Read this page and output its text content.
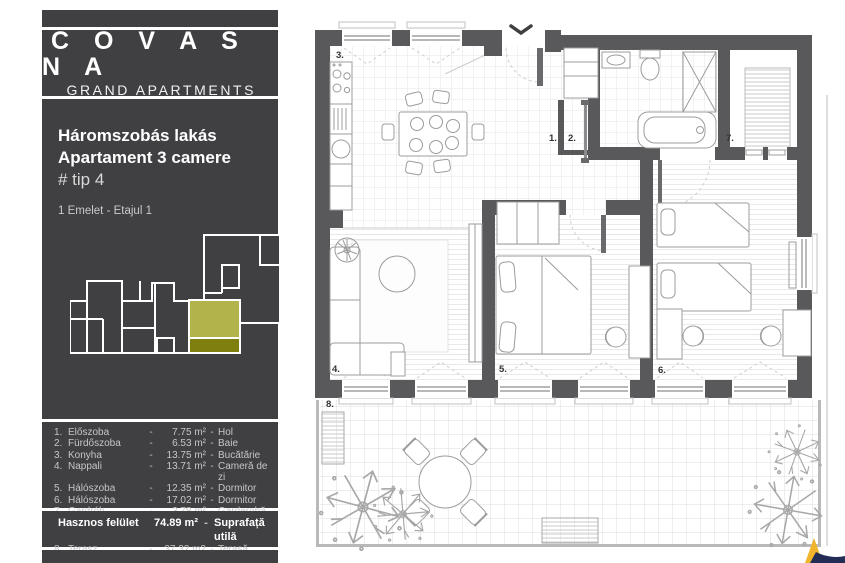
1. 2.
3.
4.	5.	6.
7.
8.
C O V A S N A
GRAND APARTMENTS
Háromszobás lakás
Apartament 3 camere
# tip 4
1 Emelet - Etajul 1
1. Előszoba	-	7.75 m² - Hol
2. Fürdőszoba	-	6.53 m² - Baie
3. Konyha	-	13.75 m² - Bucătărie
4. Nappali	-	13.71 m² - Cameră de zi
5. Hálószoba	-	12.35 m² - Dormitor
6. Hálószoba	-	17.02 m² - Dormitor
Hasznos felület	74.89 m² - Suprafață utilă
